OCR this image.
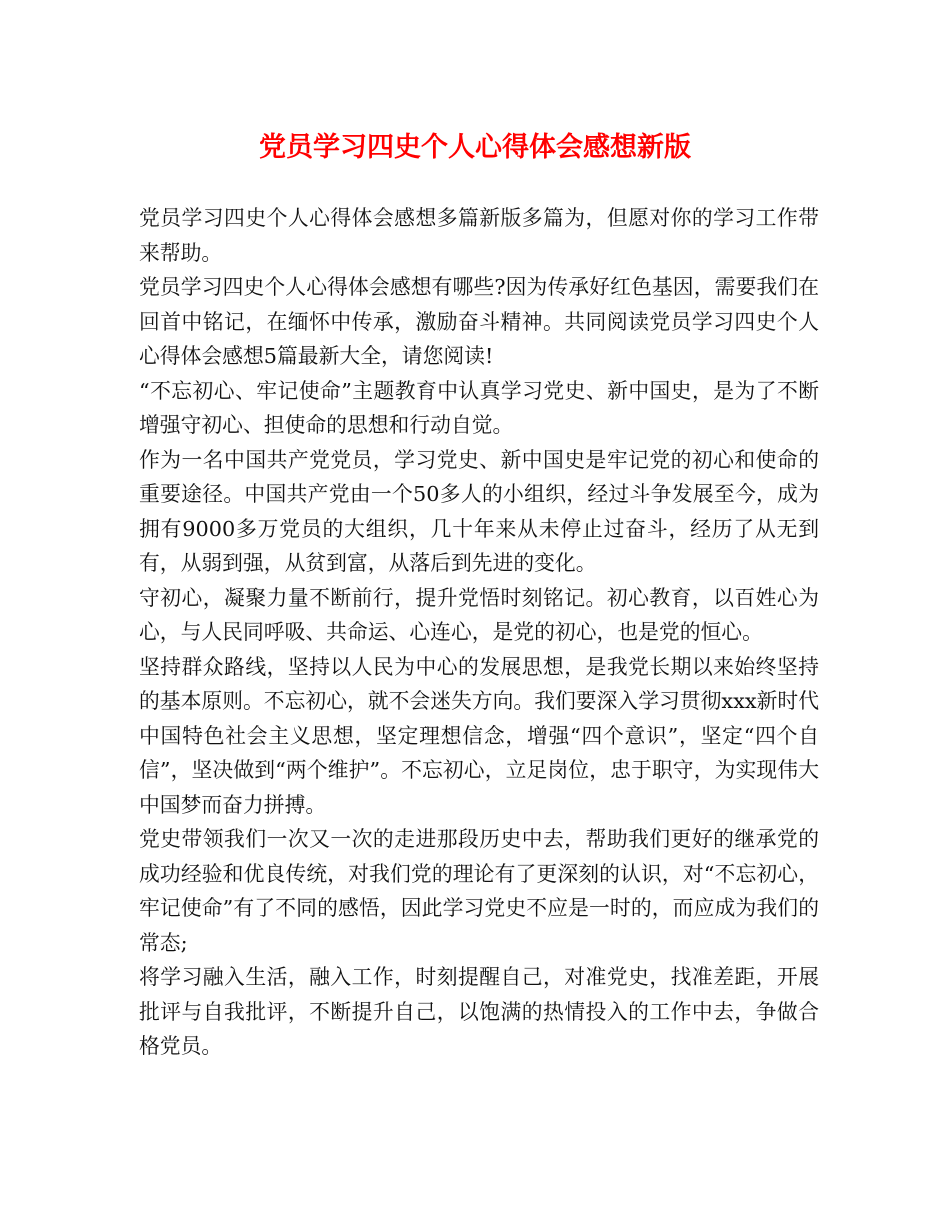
党员学习四史个人心得体会感想新版

党员学习四史个人心得体会感想多篇新版多篇为，但愿对你的学习工作带来帮助。

党员学习四史个人心得体会感想有哪些?因为传承好红色基因，需要我们在回首中铭记，在缅怀中传承，激励奋斗精神。共同阅读党员学习四史个人心得体会感想5篇最新大全，请您阅读!

“不忘初心、牢记使命”主题教育中认真学习党史、新中国史，是为了不断增强守初心、担使命的思想和行动自觉。

作为一名中国共产党党员，学习党史、新中国史是牢记党的初心和使命的重要途径。中国共产党由一个50多人的小组织，经过斗争发展至今，成为拥有9000多万党员的大组织，几十年来从未停止过奋斗，经历了从无到有，从弱到强，从贫到富，从落后到先进的变化。

守初心，凝聚力量不断前行，提升党悟时刻铭记。初心教育，以百姓心为心，与人民同呼吸、共命运、心连心，是党的初心，也是党的恒心。

坚持群众路线，坚持以人民为中心的发展思想，是我党长期以来始终坚持的基本原则。不忘初心，就不会迷失方向。我们要深入学习贯彻xxx新时代中国特色社会主义思想，坚定理想信念，增强“四个意识”，坚定“四个自信”，坚决做到“两个维护”。不忘初心，立足岗位，忠于职守，为实现伟大中国梦而奋力拼搏。

党史带领我们一次又一次的走进那段历史中去，帮助我们更好的继承党的成功经验和优良传统，对我们党的理论有了更深刻的认识，对“不忘初心，牢记使命”有了不同的感悟，因此学习党史不应是一时的，而应成为我们的常态;

将学习融入生活，融入工作，时刻提醒自己，对准党史，找准差距，开展批评与自我批评，不断提升自己，以饱满的热情投入的工作中去，争做合格党员。
